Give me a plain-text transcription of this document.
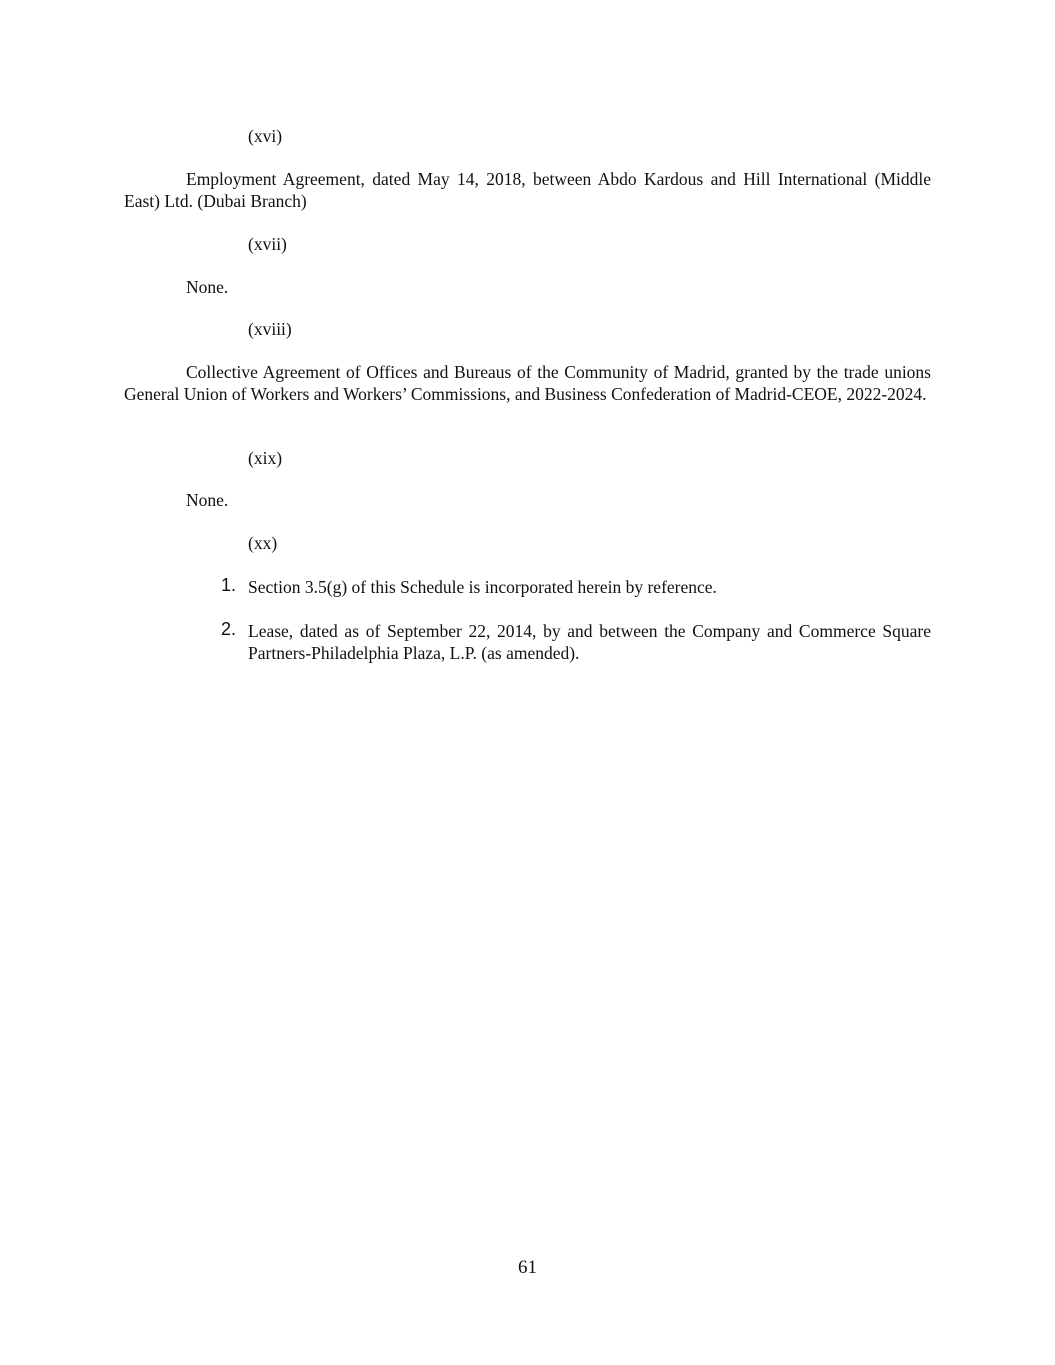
(xvi)
Employment Agreement, dated May 14, 2018, between Abdo Kardous and Hill International (Middle East) Ltd. (Dubai Branch)
(xvii)
None.
(xviii)
Collective Agreement of Offices and Bureaus of the Community of Madrid, granted by the trade unions General Union of Workers and Workers’ Commissions, and Business Confederation of Madrid-CEOE, 2022-2024.
(xix)
None.
(xx)
1. Section 3.5(g) of this Schedule is incorporated herein by reference.
2. Lease, dated as of September 22, 2014, by and between the Company and Commerce Square Partners-Philadelphia Plaza, L.P. (as amended).
61
